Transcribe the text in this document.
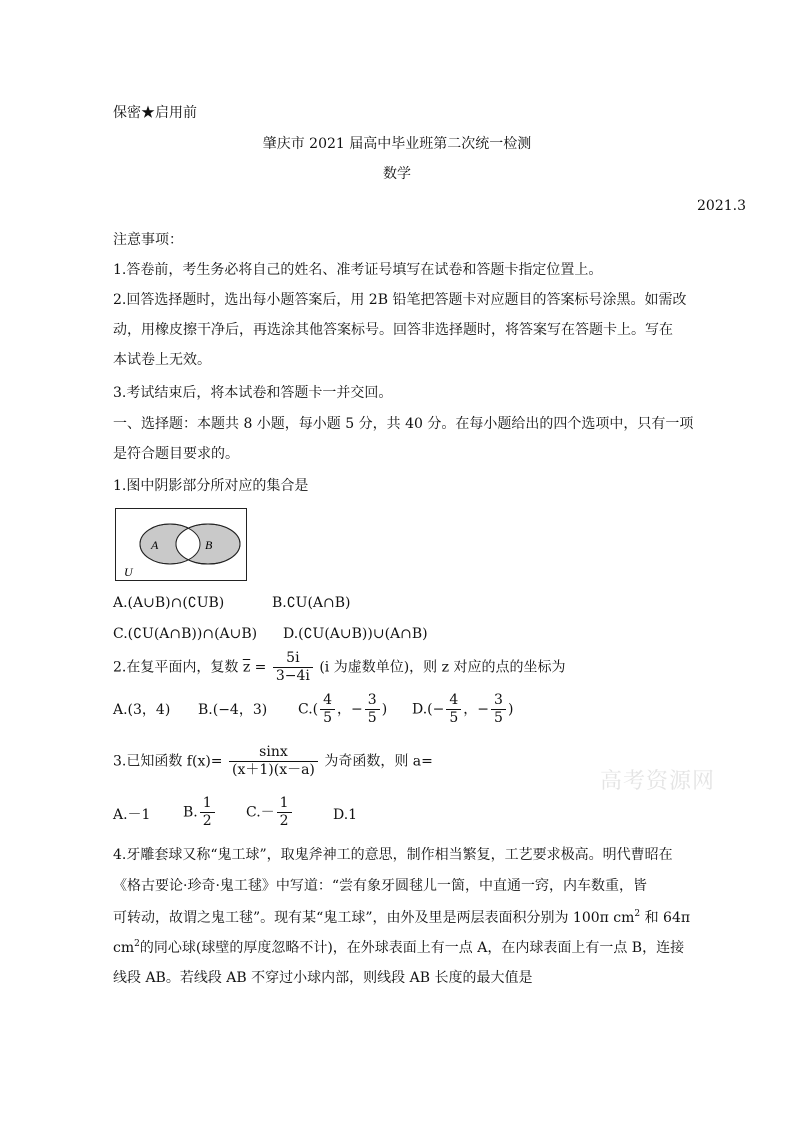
保密★启用前
肇庆市 2021 届高中毕业班第二次统一检测
数学
2021.3
注意事项：
1.答卷前，考生务必将自己的姓名、准考证号填写在试卷和答题卡指定位置上。
2.回答选择题时，选出每小题答案后，用 2B 铅笔把答题卡对应题目的答案标号涂黑。如需改
动，用橡皮擦干净后，再选涂其他答案标号。回答非选择题时，将答案写在答题卡上。写在
本试卷上无效。
3.考试结束后，将本试卷和答题卡一并交回。
一、选择题：本题共 8 小题，每小题 5 分，共 40 分。在每小题给出的四个选项中，只有一项
是符合题目要求的。
1.图中阴影部分所对应的集合是
A	B
U
A.(A∪B)∩(∁UB)	B.∁U(A∩B)
C.(∁U(A∩B))∩(A∪B) D.(∁U(A∪B))∪(A∩B)
2.在复平面内，复数 $\overline{z} = \frac{5i}{3-4i} (i$ 为虚数单位)，则 z 对应的点的坐标为
A.(3，4) B.(−4，3) $C.( \frac{4}{5}$ ，− $\frac{3}{5}$ ) $D.(- \frac{4}{5}$ ，− $\frac{3}{5}$ )
3.已知函数 $f(x)= \frac{\sin x}{(x+1)(x-a)}$ 为奇函数，则 a=
A.－1 B. $\frac{1}{2} C.- \frac{1}{2}$	D.1
4.牙雕套球又称“鬼工球”，取鬼斧神工的意思，制作相当繁复，工艺要求极高。明代曹昭在
《格古要论·珍奇·鬼工毬》中写道：“尝有象牙圆毬儿一箇，中直通一窍，内车数重，皆
可转动，故谓之鬼工毬”。现有某“鬼工球”，由外及里是两层表面积分别为 100π $cm^2$ 和 64π
$cm^2$的同心球(球壁的厚度忽略不计)，在外球表面上有一点 A，在内球表面上有一点 B，连接
线段 AB。若线段 AB 不穿过小球内部，则线段 AB 长度的最大值是
高考资源网
